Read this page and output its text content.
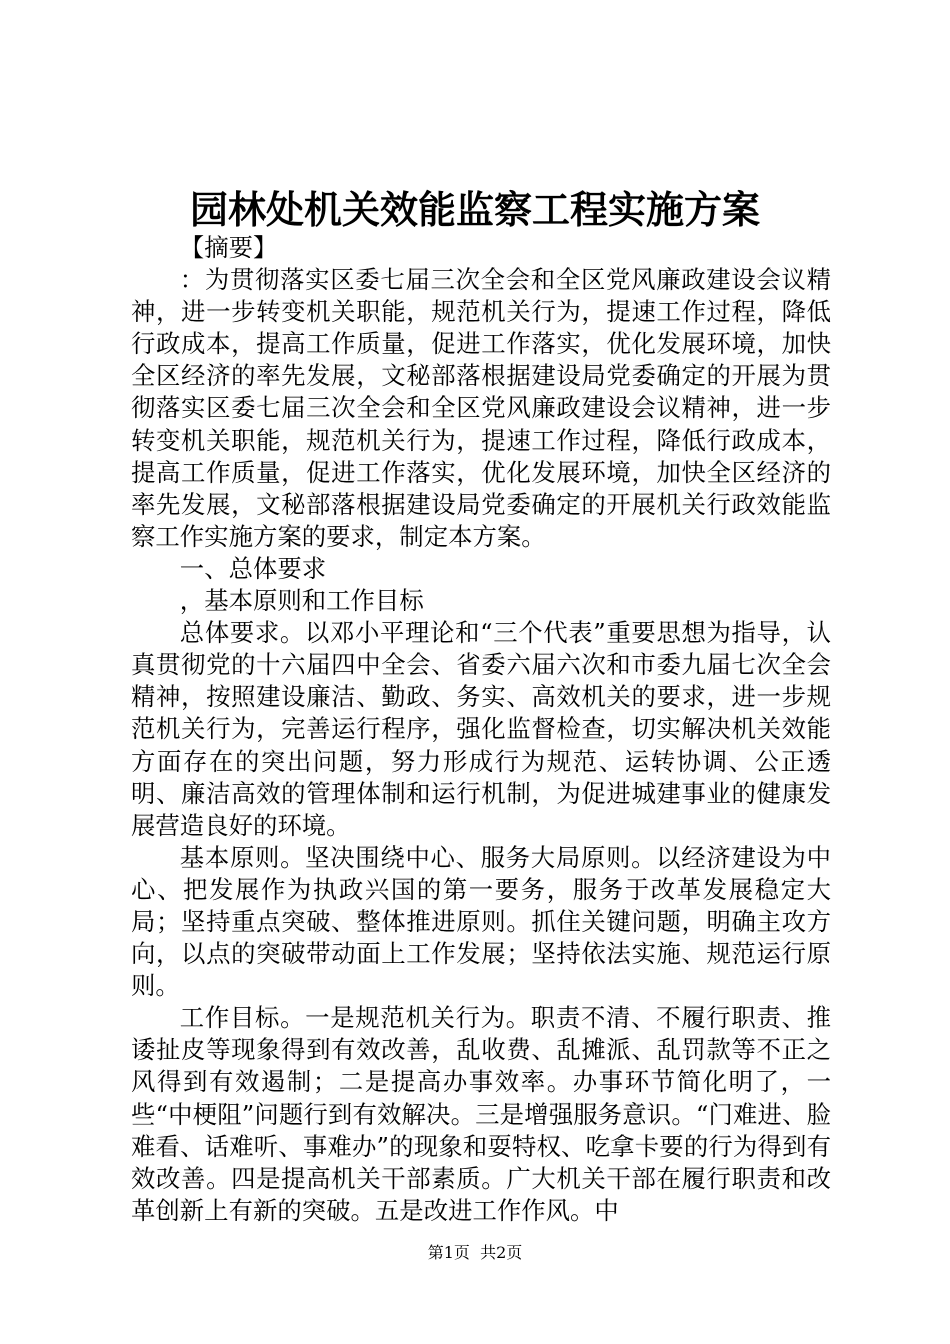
园林处机关效能监察工程实施方案

【摘要】

：为贯彻落实区委七届三次全会和全区党风廉政建设会议精神，进一步转变机关职能，规范机关行为，提速工作过程，降低行政成本，提高工作质量，促进工作落实，优化发展环境，加快全区经济的率先发展，文秘部落根据建设局党委确定的开展为贯彻落实区委七届三次全会和全区党风廉政建设会议精神，进一步转变机关职能，规范机关行为，提速工作过程，降低行政成本，提高工作质量，促进工作落实，优化发展环境，加快全区经济的率先发展，文秘部落根据建设局党委确定的开展机关行政效能监察工作实施方案的要求，制定本方案。

一、总体要求

，基本原则和工作目标

总体要求。以邓小平理论和“三个代表”重要思想为指导，认真贯彻党的十六届四中全会、省委六届六次和市委九届七次全会精神，按照建设廉洁、勤政、务实、高效机关的要求，进一步规范机关行为，完善运行程序，强化监督检查，切实解决机关效能方面存在的突出问题，努力形成行为规范、运转协调、公正透明、廉洁高效的管理体制和运行机制，为促进城建事业的健康发展营造良好的环境。

基本原则。坚决围绕中心、服务大局原则。以经济建设为中心、把发展作为执政兴国的第一要务，服务于改革发展稳定大局；坚持重点突破、整体推进原则。抓住关键问题，明确主攻方向，以点的突破带动面上工作发展；坚持依法实施、规范运行原则。

工作目标。一是规范机关行为。职责不清、不履行职责、推诿扯皮等现象得到有效改善，乱收费、乱摊派、乱罚款等不正之风得到有效遏制；二是提高办事效率。办事环节简化明了，一些“中梗阻”问题行到有效解决。三是增强服务意识。“门难进、脸难看、话难听、事难办”的现象和耍特权、吃拿卡要的行为得到有效改善。四是提高机关干部素质。广大机关干部在履行职责和改革创新上有新的突破。五是改进工作作风。中

第1页 共2页
